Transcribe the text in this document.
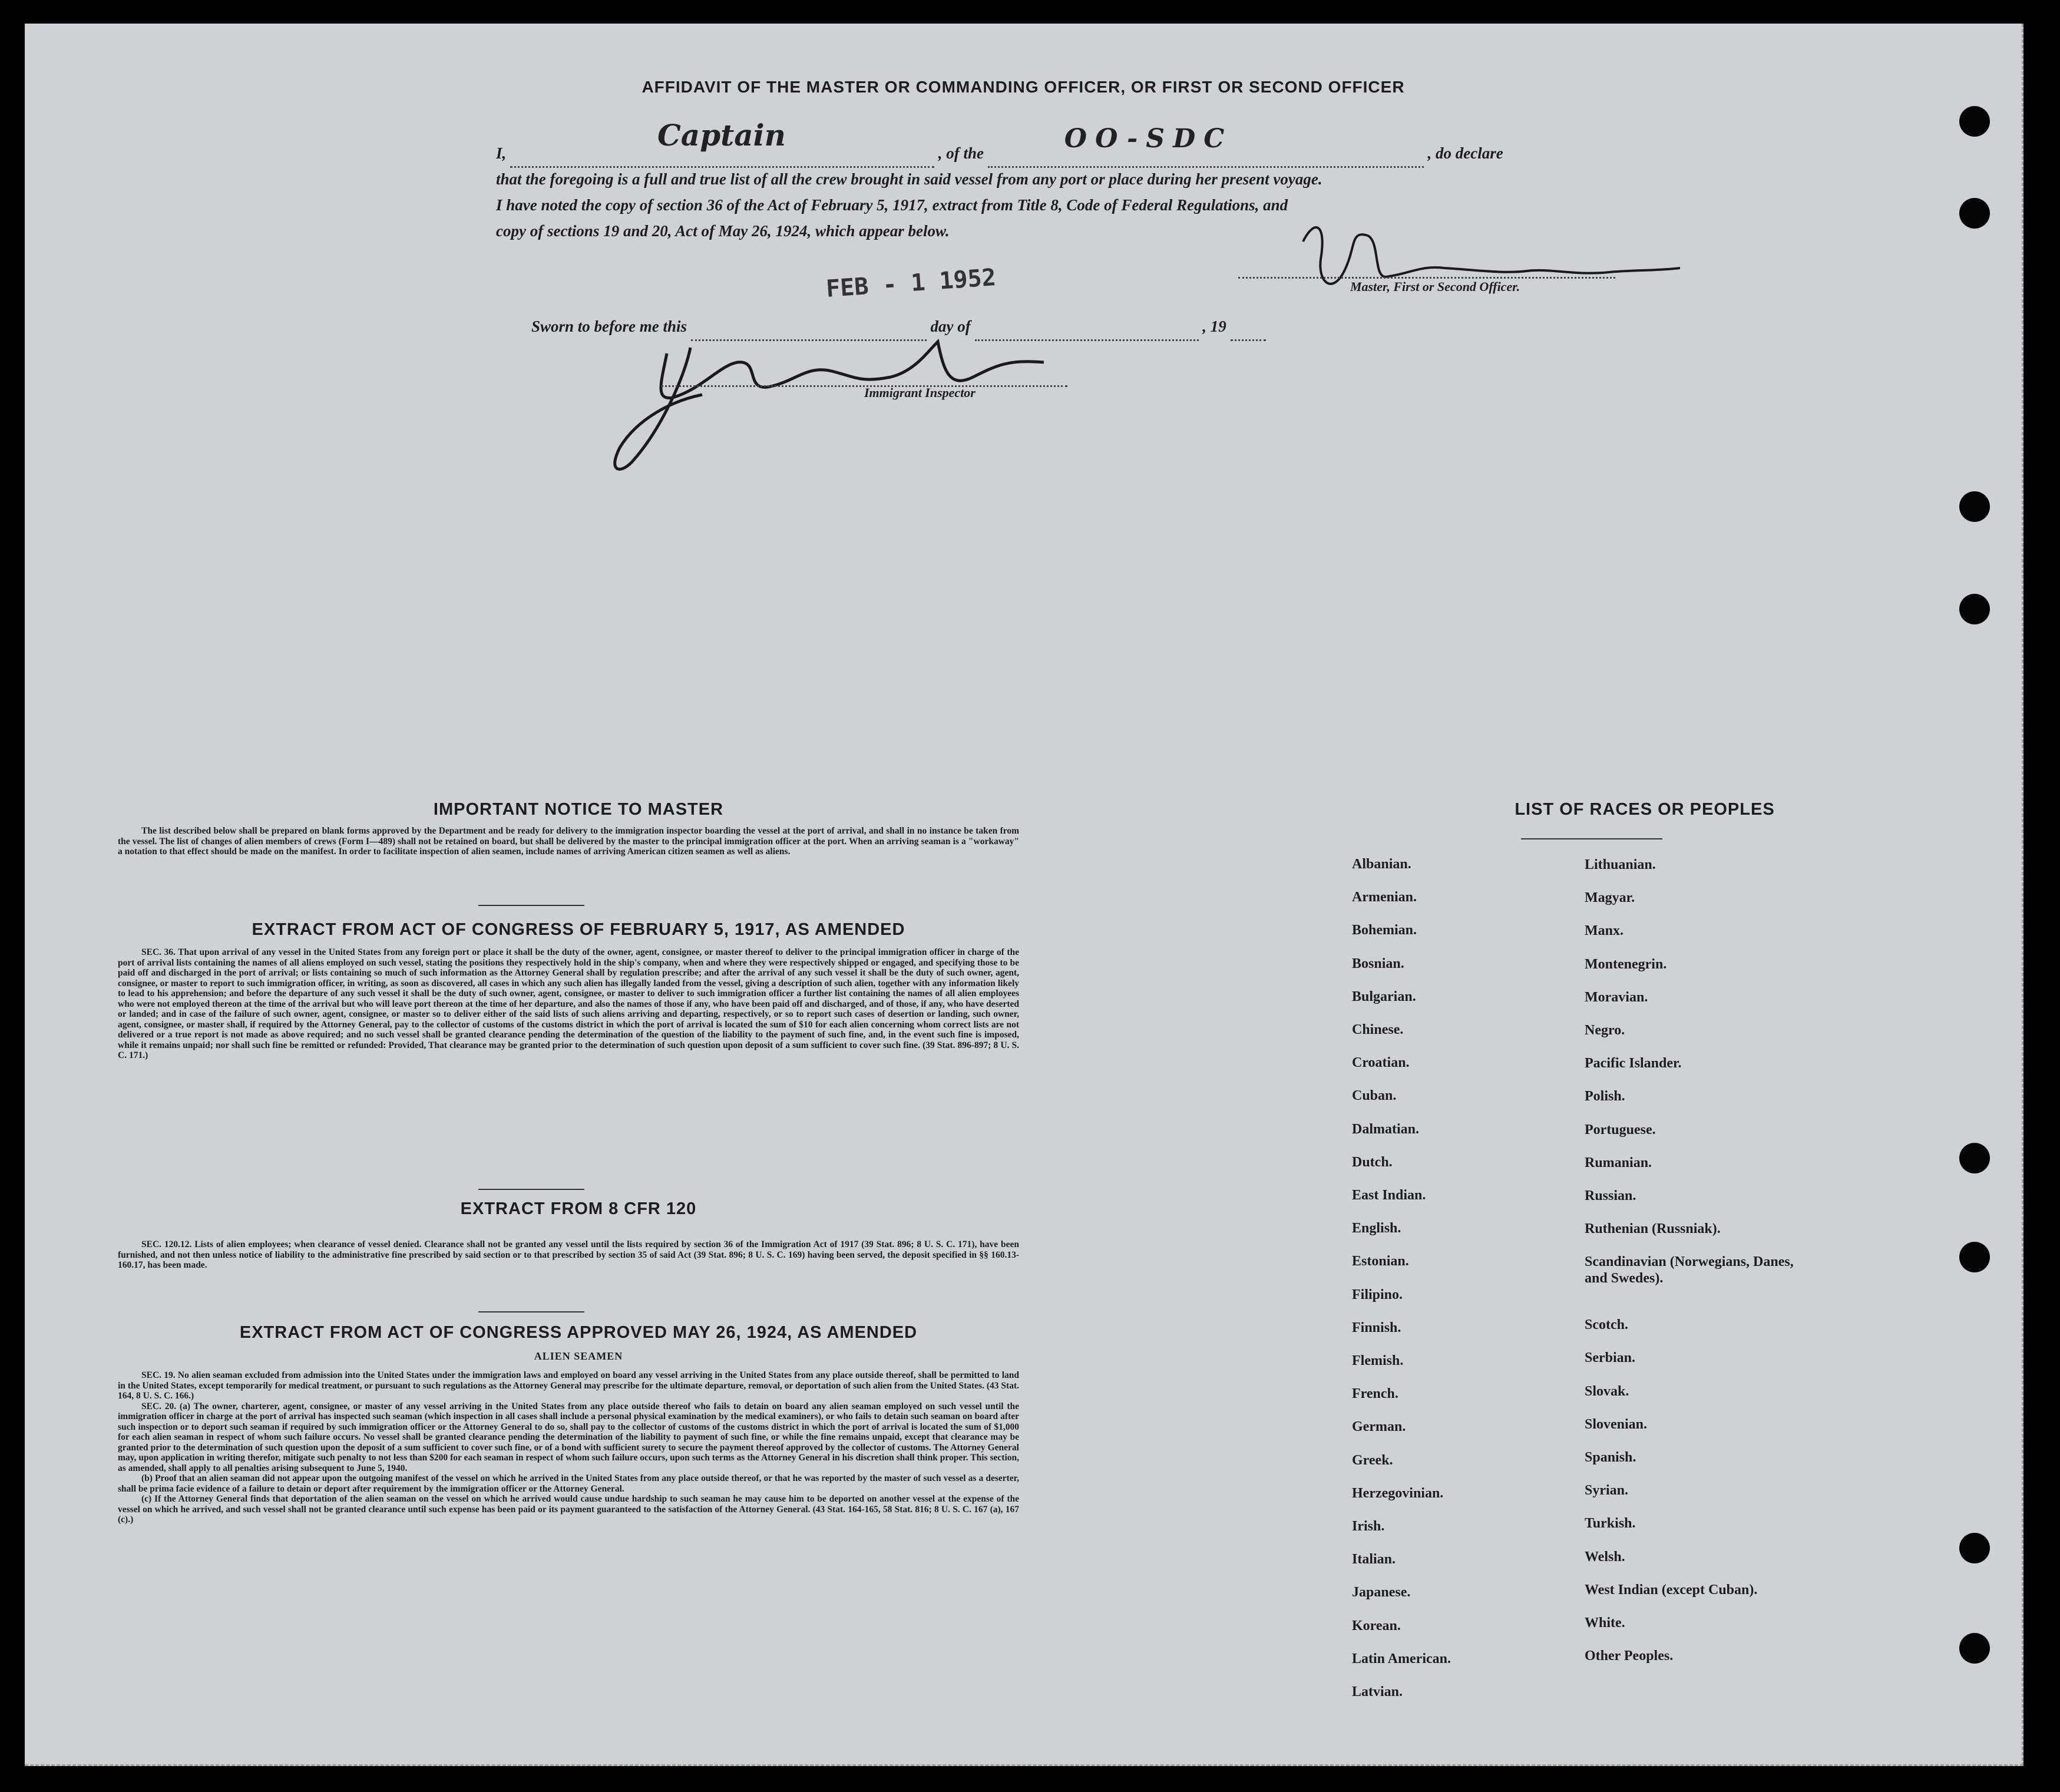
AFFIDAVIT OF THE MASTER OR COMMANDING OFFICER, OR FIRST OR SECOND OFFICER
I,
Captain
, of the	OO-SDC	, do declare
that the foregoing is a full and true list of all the crew brought in said vessel from any port or place during her present voyage.
I have noted the copy of section 36 of the Act of February 5, 1917, extract from Title 8, Code of Federal Regulations, and
copy of sections 19 and 20, Act of May 26, 1924, which appear below.
Master, First or Second Officer.
FEB - 1 1952
Sworn to before me this	day of	, 19
Immigrant Inspector
IMPORTANT NOTICE TO MASTER
The list described below shall be prepared on blank forms approved by the Department and be ready for delivery to the immigration inspector boarding the vessel at the port of arrival, and shall in no instance be taken from the vessel. The list of changes of alien members of crews (Form I—489) shall not be retained on board, but shall be delivered by the master to the principal immigration officer at the port. When an arriving seaman is a "workaway" a notation to that effect should be made on the manifest. In order to facilitate inspection of alien seamen, include names of arriving American citizen seamen as well as aliens.
EXTRACT FROM ACT OF CONGRESS OF FEBRUARY 5, 1917, AS AMENDED
SEC. 36. That upon arrival of any vessel in the United States from any foreign port or place it shall be the duty of the owner, agent, consignee, or master thereof to deliver to the principal immigration officer in charge of the port of arrival lists containing the names of all aliens employed on such vessel, stating the positions they respectively hold in the ship's company, when and where they were respectively shipped or engaged, and specifying those to be paid off and discharged in the port of arrival; or lists containing so much of such information as the Attorney General shall by regulation prescribe; and after the arrival of any such vessel it shall be the duty of such owner, agent, consignee, or master to report to such immigration officer, in writing, as soon as discovered, all cases in which any such alien has illegally landed from the vessel, giving a description of such alien, together with any information likely to lead to his apprehension; and before the departure of any such vessel it shall be the duty of such owner, agent, consignee, or master to deliver to such immigration officer a further list containing the names of all alien employees who were not employed thereon at the time of the arrival but who will leave port thereon at the time of her departure, and also the names of those if any, who have been paid off and discharged, and of those, if any, who have deserted or landed; and in case of the failure of such owner, agent, consignee, or master so to deliver either of the said lists of such aliens arriving and departing, respectively, or so to report such cases of desertion or landing, such owner, agent, consignee, or master shall, if required by the Attorney General, pay to the collector of customs of the customs district in which the port of arrival is located the sum of $10 for each alien concerning whom correct lists are not delivered or a true report is not made as above required; and no such vessel shall be granted clearance pending the determination of the question of the liability to the payment of such fine, and, in the event such fine is imposed, while it remains unpaid; nor shall such fine be remitted or refunded: Provided, That clearance may be granted prior to the determination of such question upon deposit of a sum sufficient to cover such fine. (39 Stat. 896-897; 8 U. S. C. 171.)
EXTRACT FROM 8 CFR 120
SEC. 120.12. Lists of alien employees; when clearance of vessel denied. Clearance shall not be granted any vessel until the lists required by section 36 of the Immigration Act of 1917 (39 Stat. 896; 8 U. S. C. 171), have been furnished, and not then unless notice of liability to the administrative fine prescribed by said section or to that prescribed by section 35 of said Act (39 Stat. 896; 8 U. S. C. 169) having been served, the deposit specified in §§ 160.13-160.17, has been made.
EXTRACT FROM ACT OF CONGRESS APPROVED MAY 26, 1924, AS AMENDED
ALIEN SEAMEN
SEC. 19. No alien seaman excluded from admission into the United States under the immigration laws and employed on board any vessel arriving in the United States from any place outside thereof, shall be permitted to land in the United States, except temporarily for medical treatment, or pursuant to such regulations as the Attorney General may prescribe for the ultimate departure, removal, or deportation of such alien from the United States. (43 Stat. 164, 8 U. S. C. 166.)
SEC. 20. (a) The owner, charterer, agent, consignee, or master of any vessel arriving in the United States from any place outside thereof who fails to detain on board any alien seaman employed on such vessel until the immigration officer in charge at the port of arrival has inspected such seaman (which inspection in all cases shall include a personal physical examination by the medical examiners), or who fails to detain such seaman on board after such inspection or to deport such seaman if required by such immigration officer or the Attorney General to do so, shall pay to the collector of customs of the customs district in which the port of arrival is located the sum of $1,000 for each alien seaman in respect of whom such failure occurs. No vessel shall be granted clearance pending the determination of the liability to payment of such fine, or while the fine remains unpaid, except that clearance may be granted prior to the determination of such question upon the deposit of a sum sufficient to cover such fine, or of a bond with sufficient surety to secure the payment thereof approved by the collector of customs. The Attorney General may, upon application in writing therefor, mitigate such penalty to not less than $200 for each seaman in respect of whom such failure occurs, upon such terms as the Attorney General in his discretion shall think proper. This section, as amended, shall apply to all penalties arising subsequent to June 5, 1940.
(b) Proof that an alien seaman did not appear upon the outgoing manifest of the vessel on which he arrived in the United States from any place outside thereof, or that he was reported by the master of such vessel as a deserter, shall be prima facie evidence of a failure to detain or deport after requirement by the immigration officer or the Attorney General.
(c) If the Attorney General finds that deportation of the alien seaman on the vessel on which he arrived would cause undue hardship to such seaman he may cause him to be deported on another vessel at the expense of the vessel on which he arrived, and such vessel shall not be granted clearance until such expense has been paid or its payment guaranteed to the satisfaction of the Attorney General. (43 Stat. 164-165, 58 Stat. 816; 8 U. S. C. 167 (a), 167 (c).)
LIST OF RACES OR PEOPLES
Albanian.
Armenian.
Bohemian.
Bosnian.
Bulgarian.
Chinese.
Croatian.
Cuban.
Dalmatian.
Dutch.
East Indian.
English.
Estonian.
Filipino.
Finnish.
Flemish.
French.
German.
Greek.
Herzegovinian.
Irish.
Italian.
Japanese.
Korean.
Latin American.
Latvian.
Lithuanian.
Magyar.
Manx.
Montenegrin.
Moravian.
Negro.
Pacific Islander.
Polish.
Portuguese.
Rumanian.
Russian.
Ruthenian (Russniak).
Scandinavian (Norwegians, Danes, and Swedes).
Scotch.
Serbian.
Slovak.
Slovenian.
Spanish.
Syrian.
Turkish.
Welsh.
West Indian (except Cuban).
White.
Other Peoples.
